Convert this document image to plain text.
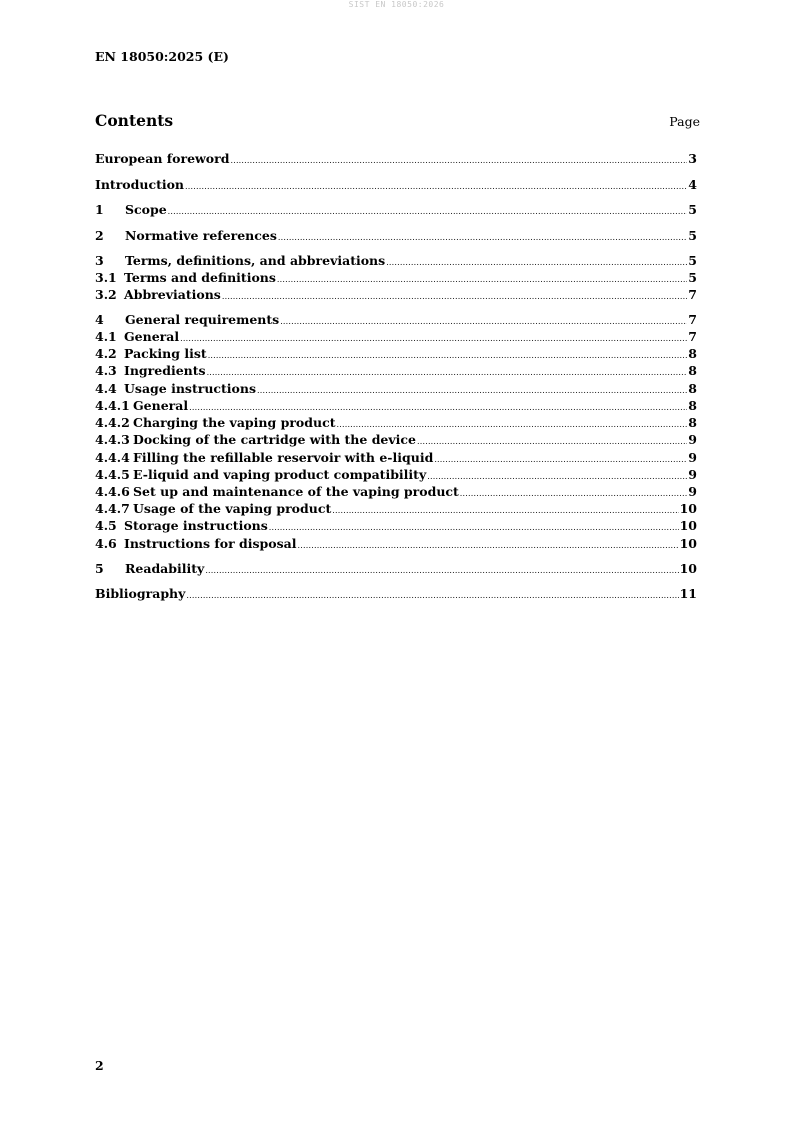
SIST EN 18050:2026
EN 18050:2025 (E)
Contents	Page
European foreword .....	3
Introduction .....	4
1	Scope .....	5
2	Normative references .....	5
3	Terms, definitions, and abbreviations .....	5
3.1 Terms and definitions .....	5
3.2 Abbreviations .....	7
4	General requirements .....	7
4.1 General .....	7
4.2 Packing list .....	8
4.3 Ingredients .....	8
4.4 Usage instructions .....	8
4.4.1 General .....	8
4.4.2 Charging the vaping product .....	8
4.4.3 Docking of the cartridge with the device .....	9
4.4.4 Filling the refillable reservoir with e-liquid .....	9
4.4.5 E-liquid and vaping product compatibility .....	9
4.4.6 Set up and maintenance of the vaping product .....	9
4.4.7 Usage of the vaping product .....	10
4.5 Storage instructions .....	10
4.6 Instructions for disposal .....	10
5	Readability .....	10
Bibliography .....	11
2
